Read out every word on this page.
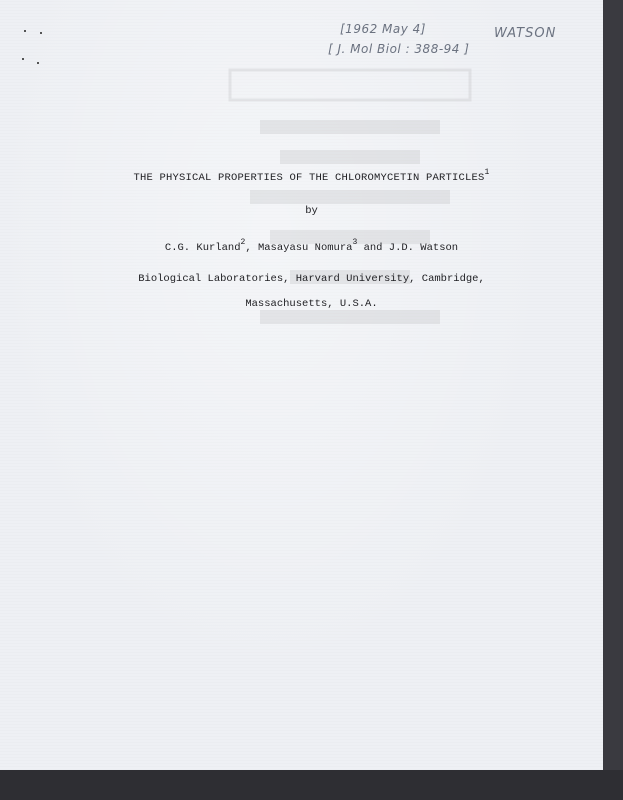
[1962 May 4]
[ J. Mol Biol : 388-94 ]
WATSON
THE PHYSICAL PROPERTIES OF THE CHLOROMYCETIN PARTICLES$^1$
by
C.G. Kurland$^2$, Masayasu Nomura$^3$ and J.D. Watson
Biological Laboratories, Harvard University, Cambridge,
Massachusetts, U.S.A.
